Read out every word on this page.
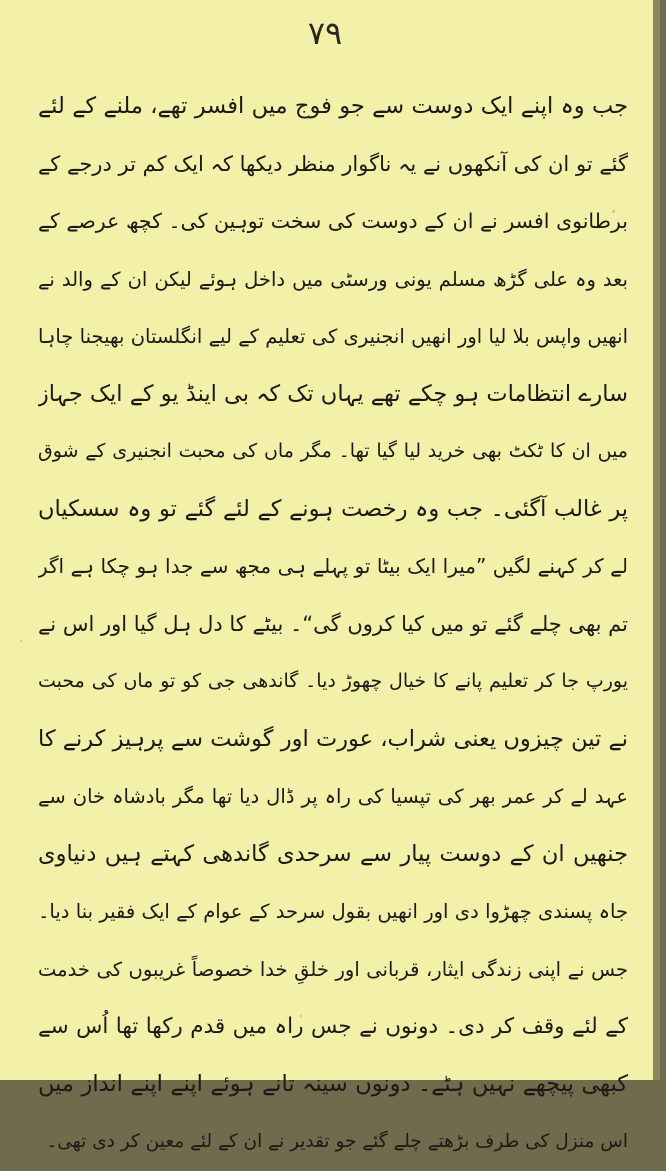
۷۹
جب وہ اپنے ایک دوست سے جو فوج میں افسر تھے، ملنے کے لئے
گئے تو ان کی آنکھوں نے یہ ناگوار منظر دیکھا کہ ایک کم تر درجے کے
برطانوی افسر نے ان کے دوست کی سخت توہین کی۔ کچھ عرصے کے
بعد وہ علی گڑھ مسلم یونی ورسٹی میں داخل ہوئے لیکن ان کے والد نے
انھیں واپس بلا لیا اور انھیں انجنیری کی تعلیم کے لیے انگلستان بھیجنا چاہا
سارے انتظامات ہو چکے تھے یہاں تک کہ بی اینڈ یو کے ایک جہاز
میں ان کا ٹکٹ بھی خرید لیا گیا تھا۔ مگر ماں کی محبت انجنیری کے شوق
پر غالب آگئی۔ جب وہ رخصت ہونے کے لئے گئے تو وہ سسکیاں
لے کر کہنے لگیں ”میرا ایک بیٹا تو پہلے ہی مجھ سے جدا ہو چکا ہے اگر
تم بھی چلے گئے تو میں کیا کروں گی“۔ بیٹے کا دل ہل گیا اور اس نے
یورپ جا کر تعلیم پانے کا خیال چھوڑ دیا۔ گاندھی جی کو تو ماں کی محبت
نے تین چیزوں یعنی شراب، عورت اور گوشت سے پرہیز کرنے کا
عہد لے کر عمر بھر کی تپسیا کی راہ پر ڈال دیا تھا مگر بادشاہ خان سے
جنھیں ان کے دوست پیار سے سرحدی گاندھی کہتے ہیں دنیاوی
جاہ پسندی چھڑوا دی اور انھیں بقول سرحد کے عوام کے ایک فقیر بنا دیا۔
جس نے اپنی زندگی ایثار، قربانی اور خلقِ خدا خصوصاً غریبوں کی خدمت
کے لئے وقف کر دی۔ دونوں نے جس راہ میں قدم رکھا تھا اُس سے
کبھی پیچھے نہیں ہٹے۔ دونوں سینہ تانے ہوئے اپنے اپنے انداز میں
اس منزل کی طرف بڑھتے چلے گئے جو تقدیر نے ان کے لئے معین کر دی تھی۔
